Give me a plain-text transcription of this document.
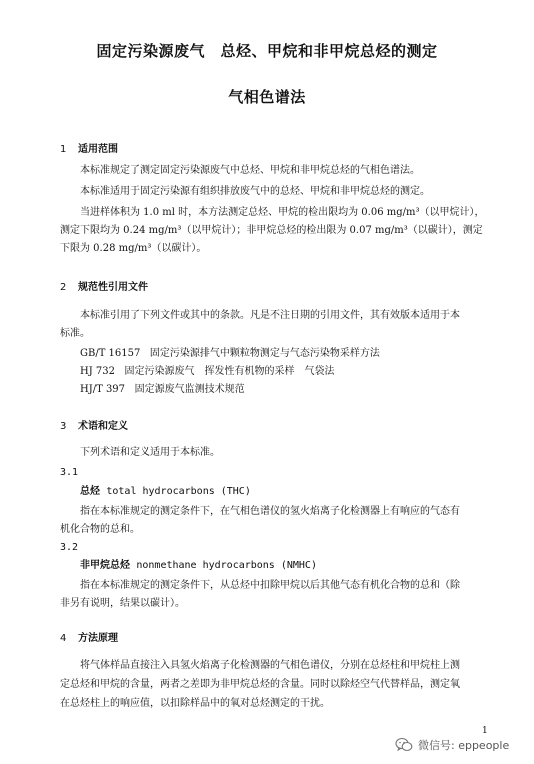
固定污染源废气　总烃、甲烷和非甲烷总烃的测定
气相色谱法
1 适用范围
本标准规定了测定固定污染源废气中总烃、甲烷和非甲烷总烃的气相色谱法。
本标准适用于固定污染源有组织排放废气中的总烃、甲烷和非甲烷总烃的测定。
当进样体积为 1.0 ml 时，本方法测定总烃、甲烷的检出限均为 0.06 mg/m³（以甲烷计），
测定下限均为 0.24 mg/m³（以甲烷计）；非甲烷总烃的检出限为 0.07 mg/m³（以碳计），测定
下限为 0.28 mg/m³（以碳计）。
2 规范性引用文件
本标准引用了下列文件或其中的条款。凡是不注日期的引用文件，其有效版本适用于本
标准。
GB/T 16157 固定污染源排气中颗粒物测定与气态污染物采样方法
HJ 732 固定污染源废气　挥发性有机物的采样　气袋法
HJ/T 397 固定源废气监测技术规范
3 术语和定义
下列术语和定义适用于本标准。
3.1
总烃 total hydrocarbons (THC)
指在本标准规定的测定条件下，在气相色谱仪的氢火焰离子化检测器上有响应的气态有
机化合物的总和。
3.2
非甲烷总烃 nonmethane hydrocarbons (NMHC)
指在本标准规定的测定条件下，从总烃中扣除甲烷以后其他气态有机化合物的总和（除
非另有说明，结果以碳计）。
4 方法原理
将气体样品直接注入具氢火焰离子化检测器的气相色谱仪，分别在总烃柱和甲烷柱上测
定总烃和甲烷的含量，两者之差即为非甲烷总烃的含量。同时以除烃空气代替样品，测定氧
在总烃柱上的响应值，以扣除样品中的氧对总烃测定的干扰。
1
微信号: eppeople
